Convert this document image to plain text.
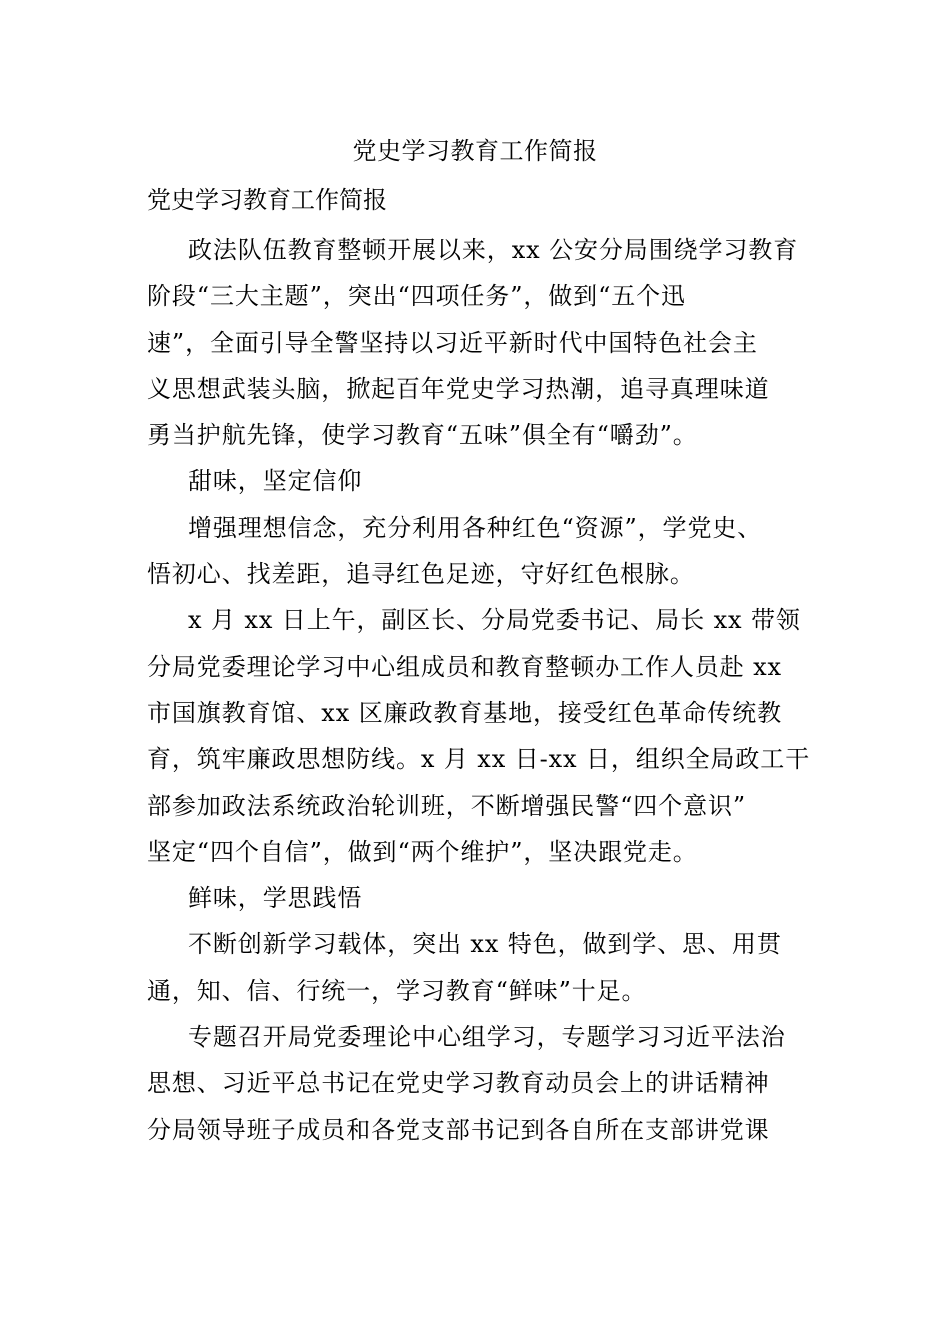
党史学习教育工作简报

党史学习教育工作简报

政法队伍教育整顿开展以来，xx 公安分局围绕学习教育
阶段“三大主题”，突出“四项任务”，做到“五个迅
速”，全面引导全警坚持以习近平新时代中国特色社会主
义思想武装头脑，掀起百年党史学习热潮，追寻真理味道
勇当护航先锋，使学习教育“五味”俱全有“嚼劲”。
甜味，坚定信仰
增强理想信念，充分利用各种红色“资源”，学党史、
悟初心、找差距，追寻红色足迹，守好红色根脉。
x 月 xx 日上午，副区长、分局党委书记、局长 xx 带领
分局党委理论学习中心组成员和教育整顿办工作人员赴 xx
市国旗教育馆、xx 区廉政教育基地，接受红色革命传统教
育，筑牢廉政思想防线。x 月 xx 日-xx 日，组织全局政工干
部参加政法系统政治轮训班，不断增强民警“四个意识”
坚定“四个自信”，做到“两个维护”，坚决跟党走。
鲜味，学思践悟
不断创新学习载体，突出 xx 特色，做到学、思、用贯
通，知、信、行统一，学习教育“鲜味”十足。
专题召开局党委理论中心组学习，专题学习习近平法治
思想、习近平总书记在党史学习教育动员会上的讲话精神
分局领导班子成员和各党支部书记到各自所在支部讲党课
